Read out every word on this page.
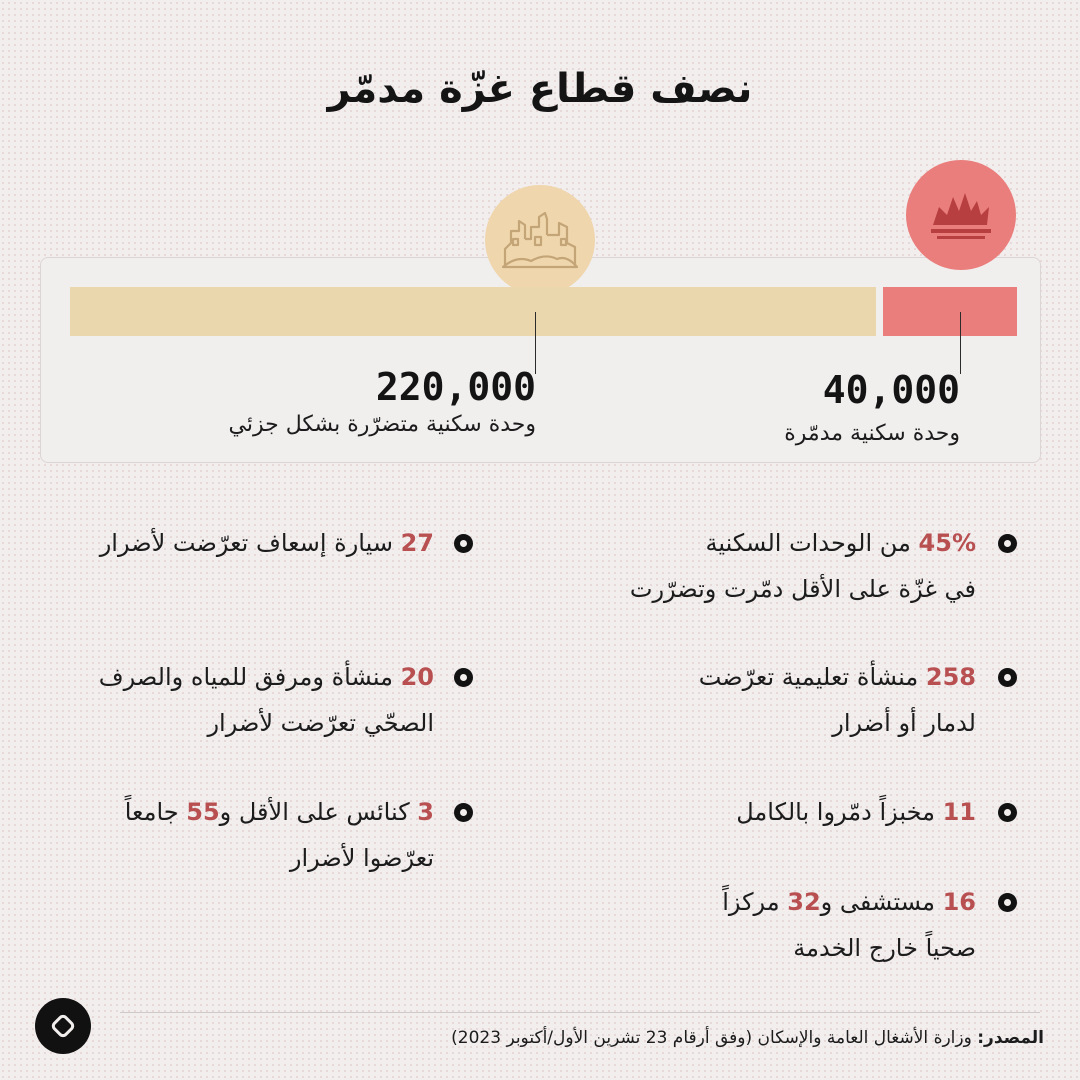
نصف قطاع غزّة مدمّر
220,000
وحدة سكنية متضرّرة بشكل جزئي
40,000
وحدة سكنية مدمّرة
45% من الوحدات السكنية
في غزّة على الأقل دمّرت وتضرّرت
258 منشأة تعليمية تعرّضت
لدمار أو أضرار
11 مخبزاً دمّروا بالكامل
16 مستشفى و32 مركزاً
صحياً خارج الخدمة
27 سيارة إسعاف تعرّضت لأضرار
20 منشأة ومرفق للمياه والصرف
الصحّي تعرّضت لأضرار
3 كنائس على الأقل و55 جامعاً
تعرّضوا لأضرار
المصدر: وزارة الأشغال العامة والإسكان (وفق أرقام 23 تشرين الأول/أكتوبر 2023)
